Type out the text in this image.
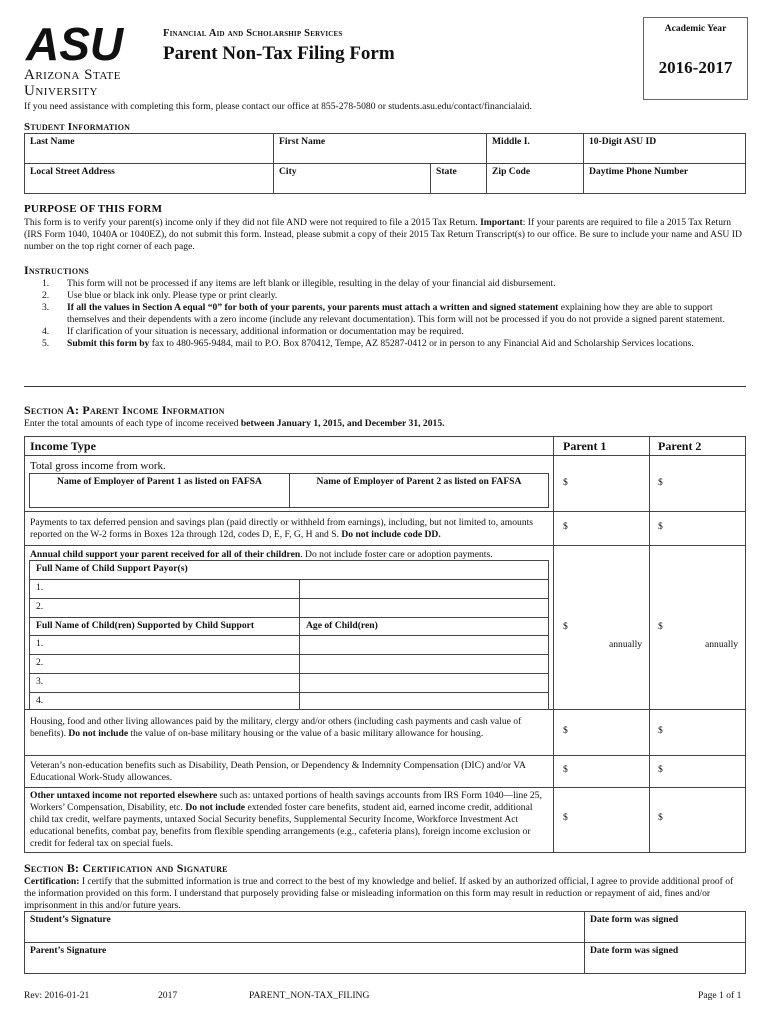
ASU
Arizona State
University
Financial Aid and Scholarship Services
Parent Non-Tax Filing Form
Academic Year
2016-2017
If you need assistance with completing this form, please contact our office at 855-278-5080 or students.asu.edu/contact/financialaid.
Student Information
Last Name	First Name		Middle I.	10-Digit ASU ID
Local Street Address	City	State	Zip Code	Daytime Phone Number
PURPOSE OF THIS FORM
This form is to verify your parent(s) income only if they did not file AND were not required to file a 2015 Tax Return. Important: If your parents are required to file a 2015 Tax Return (IRS Form 1040, 1040A or 1040EZ), do not submit this form. Instead, please submit a copy of their 2015 Tax Return Transcript(s) to our office. Be sure to include your name and ASU ID number on the top right corner of each page.
Instructions
1. This form will not be processed if any items are left blank or illegible, resulting in the delay of your financial aid disbursement.
2. Use blue or black ink only. Please type or print clearly.
3. If all the values in Section A equal “0” for both of your parents, your parents must attach a written and signed statement explaining how they are able to support themselves and their dependents with a zero income (include any relevant documentation). This form will not be processed if you do not provide a signed parent statement.
4. If clarification of your situation is necessary, additional information or documentation may be required.
5. Submit this form by fax to 480-965-9484, mail to P.O. Box 870412, Tempe, AZ 85287-0412 or in person to any Financial Aid and Scholarship Services locations.
Section A: Parent Income Information
Enter the total amounts of each type of income received between January 1, 2015, and December 31, 2015.
Income Type	Parent 1	Parent 2
Total gross income from work.
Name of Employer of Parent 1 as listed on FAFSA	Name of Employer of Parent 2 as listed on FAFSA	$	$
Payments to tax deferred pension and savings plan (paid directly or withheld from earnings), including, but not limited to, amounts reported on the W-2 forms in Boxes 12a through 12d, codes D, E, F, G, H and S. Do not include code DD.
$	$
Annual child support your parent received for all of their children. Do not include foster care or adoption payments.
Full Name of Child Support Payor(s)	
1.	
2.	
Full Name of Child(ren) Supported by Child Support	Age of Child(ren)
1.	
2.	
3.	
4.	
$	$
annually	annually
Housing, food and other living allowances paid by the military, clergy and/or others (including cash payments and cash value of benefits). Do not include the value of on-base military housing or the value of a basic military allowance for housing.	$	$
Veteran’s non-education benefits such as Disability, Death Pension, or Dependency & Indemnity Compensation (DIC) and/or VA Educational Work-Study allowances.
$	$
Other untaxed income not reported elsewhere such as: untaxed portions of health savings accounts from IRS Form 1040—line 25, Workers’ Compensation, Disability, etc. Do not include extended foster care benefits, student aid, earned income credit, additional child tax credit, welfare payments, untaxed Social Security benefits, Supplemental Security Income, Workforce Investment Act educational benefits, combat pay, benefits from flexible spending arrangements (e.g., cafeteria plans), foreign income exclusion or credit for federal tax on special fuels.
$	$
Section B: Certification and Signature
Certification: I certify that the submitted information is true and correct to the best of my knowledge and belief. If asked by an authorized official, I agree to provide additional proof of the information provided on this form. I understand that purposely providing false or misleading information on this form may result in reduction or repayment of aid, fines and/or imprisonment in this and/or future years.
Student’s Signature	Date form was signed
Parent’s Signature	Date form was signed
Rev: 2016-01-21	2017	PARENT_NON-TAX_FILING	Page 1 of 1
